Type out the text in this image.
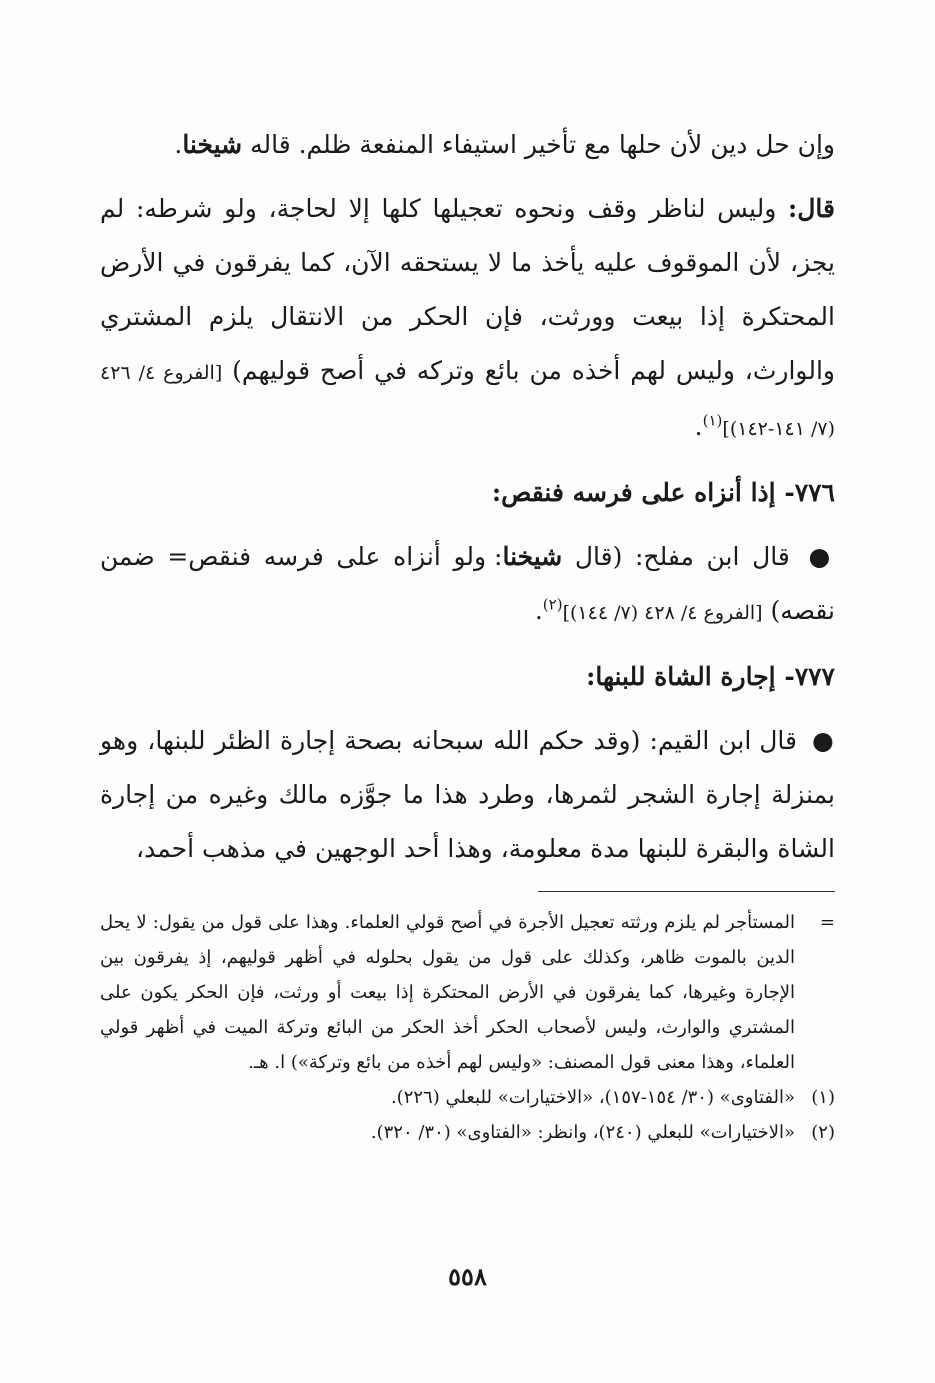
وإن حل دين لأن حلها مع تأخير استيفاء المنفعة ظلم. قاله شيخنا.

قال: وليس لناظر وقف ونحوه تعجيلها كلها إلا لحاجة، ولو شرطه: لم يجز، لأن الموقوف عليه يأخذ ما لا يستحقه الآن، كما يفرقون في الأرض المحتكرة إذا بيعت وورثت، فإن الحكر من الانتقال يلزم المشتري والوارث، وليس لهم أخذه من بائع وتركه في أصح قوليهم) [الفروع ٤/ ٤٢٦ (٧/ ١٤١-١٤٢)]$^{(١)}$.

٧٧٦- إذا أنزاه على فرسه فنقص:

● قال ابن مفلح: (قال شيخنا: ولو أنزاه على فرسه فنقص= ضمن نقصه) [الفروع ٤/ ٤٢٨ (٧/ ١٤٤)]$^{(٢)}$.

٧٧٧- إجارة الشاة للبنها:

● قال ابن القيم: (وقد حكم الله سبحانه بصحة إجارة الظئر للبنها، وهو بمنزلة إجارة الشجر لثمرها، وطرد هذا ما جوَّزه مالك وغيره من إجارة الشاة والبقرة للبنها مدة معلومة، وهذا أحد الوجهين في مذهب أحمد،

=
المستأجر لم يلزم ورثته تعجيل الأجرة في أصح قولي العلماء. وهذا على قول من يقول: لا يحل الدين بالموت ظاهر، وكذلك على قول من يقول بحلوله في أظهر قوليهم، إذ يفرقون بين الإجارة وغيرها، كما يفرقون في الأرض المحتكرة إذا بيعت أو ورثت، فإن الحكر يكون على المشتري والوارث، وليس لأصحاب الحكر أخذ الحكر من البائع وتركة الميت في أظهر قولي العلماء، وهذا معنى قول المصنف: «وليس لهم أخذه من بائع وتركة») ا. هـ.

(١)
«الفتاوى» (٣٠/ ١٥٤-١٥٧)، «الاختيارات» للبعلي (٢٢٦).

(٢)
«الاختيارات» للبعلي (٢٤٠)، وانظر: «الفتاوى» (٣٠/ ٣٢٠).

٥٥٨
